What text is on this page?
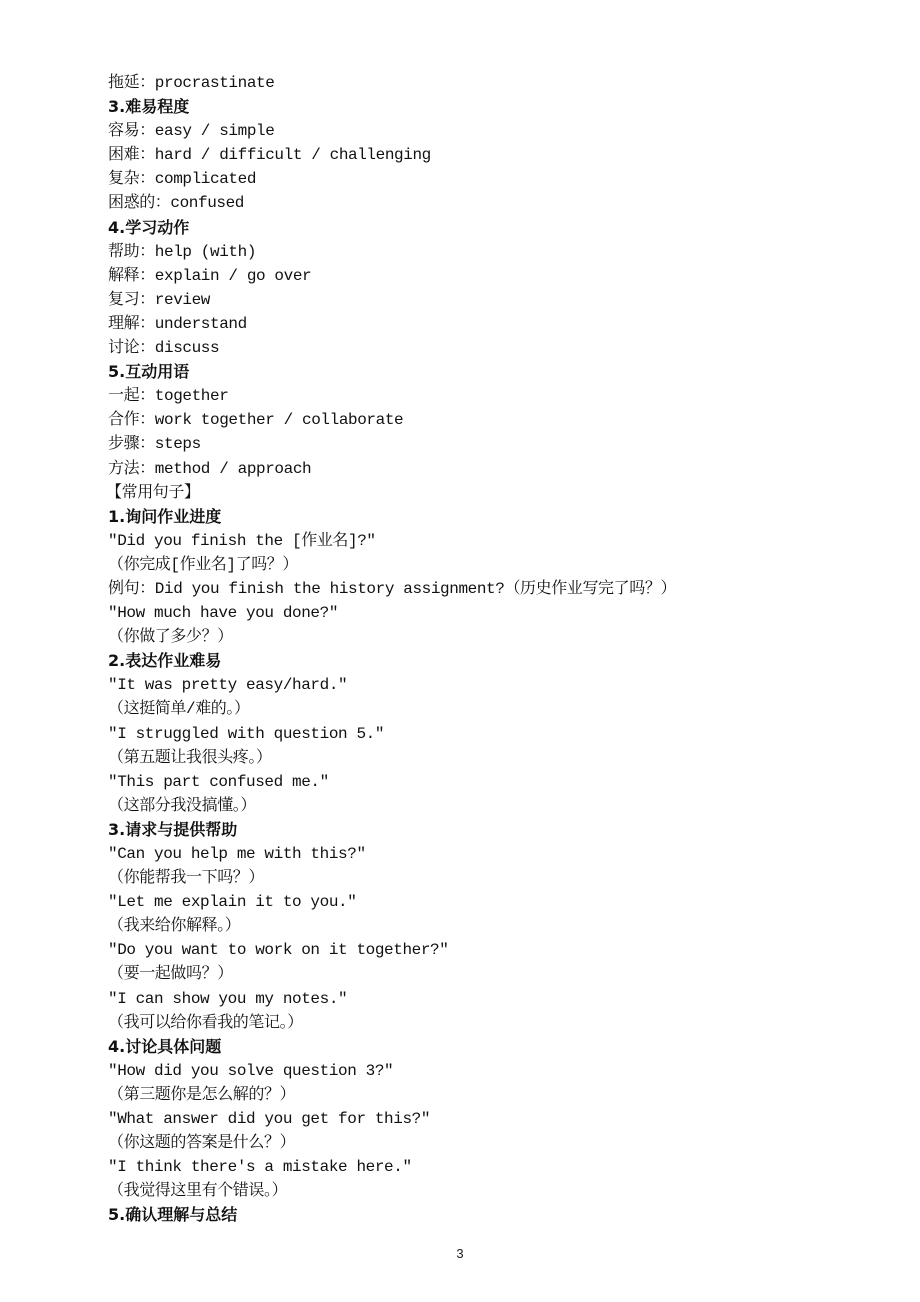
拖延：procrastinate
3.难易程度
容易：easy / simple
困难：hard / difficult / challenging
复杂：complicated
困惑的：confused
4.学习动作
帮助：help (with)
解释：explain / go over
复习：review
理解：understand
讨论：discuss
5.互动用语
一起：together
合作：work together / collaborate
步骤：steps
方法：method / approach
【常用句子】
1.询问作业进度
"Did you finish the [作业名]?"
（你完成[作业名]了吗？）
例句：Did you finish the history assignment?（历史作业写完了吗？）
"How much have you done?"
（你做了多少？）
2.表达作业难易
"It was pretty easy/hard."
（这挺简单/难的。）
"I struggled with question 5."
（第五题让我很头疼。）
"This part confused me."
（这部分我没搞懂。）
3.请求与提供帮助
"Can you help me with this?"
（你能帮我一下吗？）
"Let me explain it to you."
（我来给你解释。）
"Do you want to work on it together?"
（要一起做吗？）
"I can show you my notes."
（我可以给你看我的笔记。）
4.讨论具体问题
"How did you solve question 3?"
（第三题你是怎么解的？）
"What answer did you get for this?"
（你这题的答案是什么？）
"I think there's a mistake here."
（我觉得这里有个错误。）
5.确认理解与总结
3
